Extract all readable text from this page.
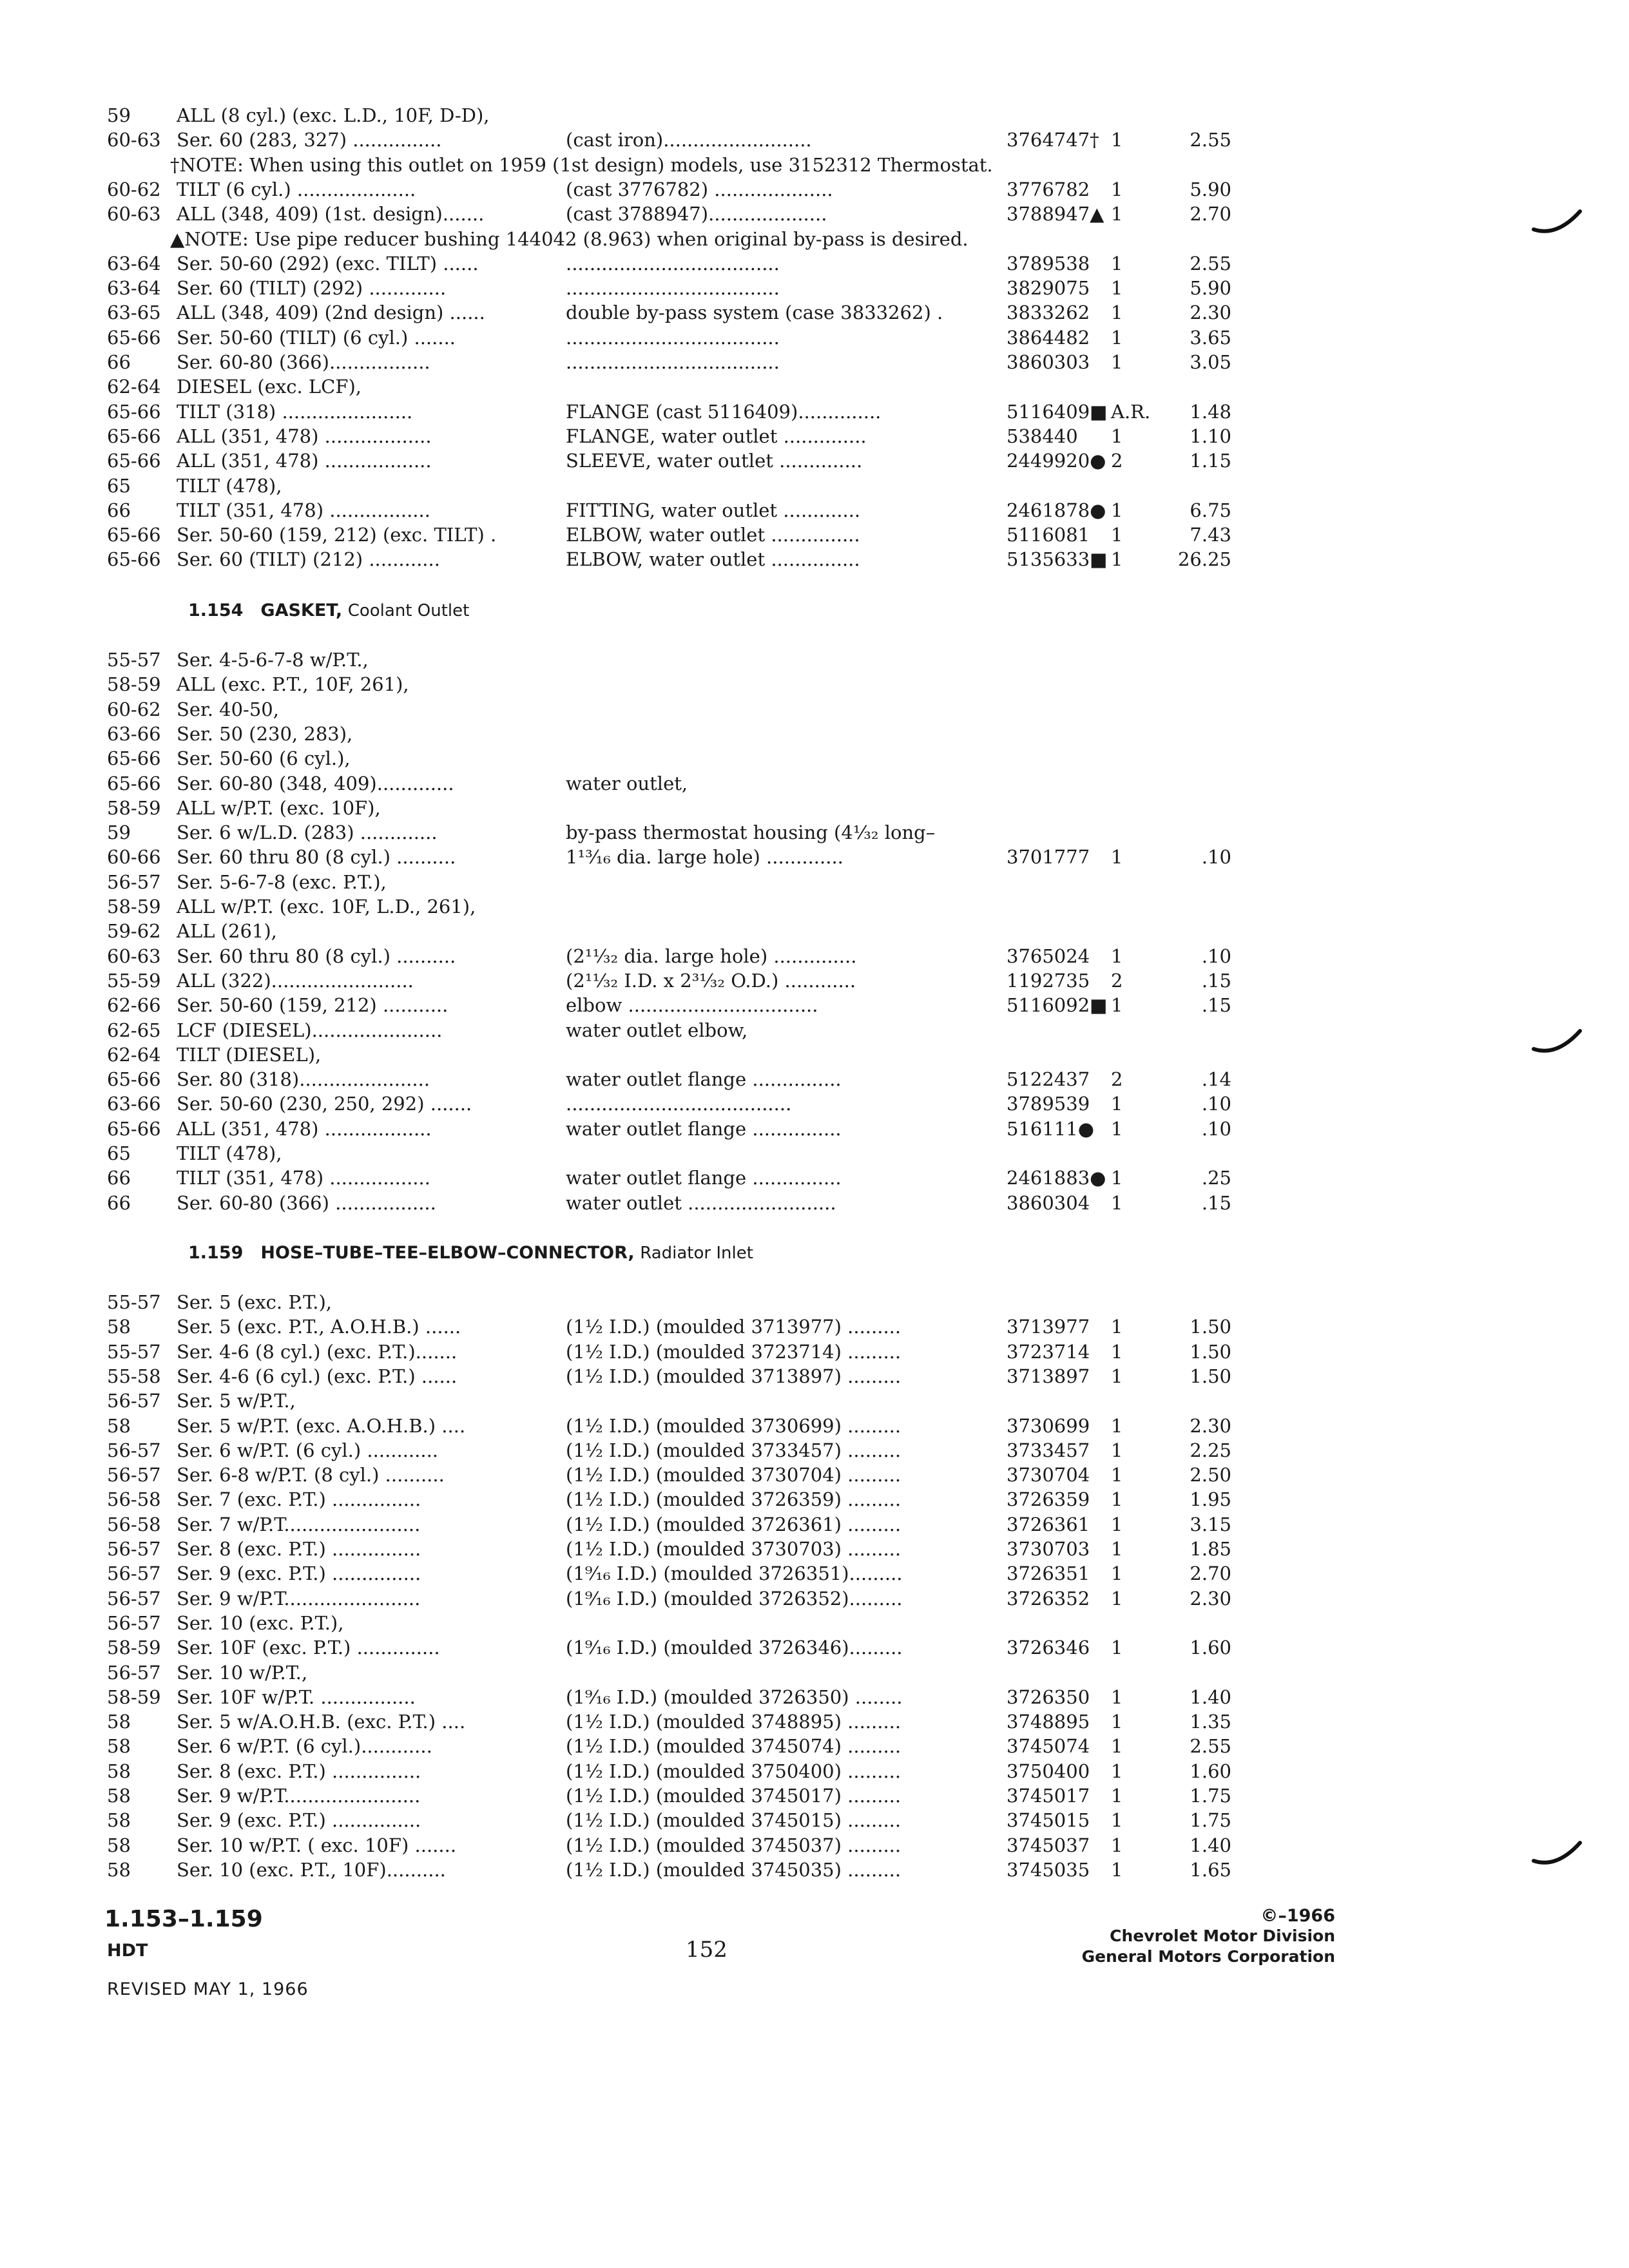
59 ALL (8 cyl.) (exc. L.D., 10F, D-D),
60-63 Ser. 60 (283, 327) ...............	(cast iron).........................	3764747† 1	2.55
†NOTE: When using this outlet on 1959 (1st design) models, use 3152312 Thermostat.
60-62 TILT (6 cyl.) ....................	(cast 3776782) ....................	3776782 1	5.90
60-63 ALL (348, 409) (1st. design).......	(cast 3788947)....................	3788947▲ 1	2.70
▲NOTE: Use pipe reducer bushing 144042 (8.963) when original by-pass is desired.
63-64 Ser. 50-60 (292) (exc. TILT) ......	....................................	3789538 1	2.55
63-64 Ser. 60 (TILT) (292) .............	....................................	3829075 1	5.90
63-65 ALL (348, 409) (2nd design) ......	double by-pass system (case 3833262) .	3833262 1	2.30
65-66 Ser. 50-60 (TILT) (6 cyl.) .......	....................................	3864482 1	3.65
66 Ser. 60-80 (366).................	....................................	3860303 1	3.05
62-64 DIESEL (exc. LCF),
65-66 TILT (318) ......................	FLANGE (cast 5116409)..............	5116409■ A.R. 1.48
65-66 ALL (351, 478) ..................	FLANGE, water outlet ..............	538440 1	1.10
65-66 ALL (351, 478) ..................	SLEEVE, water outlet ..............	2449920● 2	1.15
65 TILT (478),
66 TILT (351, 478) .................	FITTING, water outlet .............	2461878● 1	6.75
65-66 Ser. 50-60 (159, 212) (exc. TILT) .	ELBOW, water outlet ...............	5116081 1	7.43
65-66 Ser. 60 (TILT) (212) ............	ELBOW, water outlet ...............	5135633■ 1	26.25
55-57 Ser. 4-5-6-7-8 w/P.T.,
58-59 ALL (exc. P.T., 10F, 261),
60-62 Ser. 40-50,
63-66 Ser. 50 (230, 283),
65-66 Ser. 50-60 (6 cyl.),
65-66 Ser. 60-80 (348, 409).............	water outlet,
58-59 ALL w/P.T. (exc. 10F),
59 Ser. 6 w/L.D. (283) .............	by-pass thermostat housing (4¹⁄₃₂ long–
60-66 Ser. 60 thru 80 (8 cyl.) ..........	1¹³⁄₁₆ dia. large hole) .............	3701777 1	.10
56-57 Ser. 5-6-7-8 (exc. P.T.),
58-59 ALL w/P.T. (exc. 10F, L.D., 261),
59-62 ALL (261),
60-63 Ser. 60 thru 80 (8 cyl.) ..........	(2¹¹⁄₃₂ dia. large hole) ..............	3765024 1	.10
55-59 ALL (322)........................	(2¹¹⁄₃₂ I.D. x 2³¹⁄₃₂ O.D.) ............	1192735 2	.15
62-66 Ser. 50-60 (159, 212) ...........	elbow ................................	5116092■ 1	.15
62-65 LCF (DIESEL)......................	water outlet elbow,
62-64 TILT (DIESEL),
65-66 Ser. 80 (318)......................	water outlet flange ...............	5122437 2	.14
63-66 Ser. 50-60 (230, 250, 292) .......	......................................	3789539 1	.10
65-66 ALL (351, 478) ..................	water outlet flange ...............	516111● 1	.10
65 TILT (478),
66 TILT (351, 478) .................	water outlet flange ...............	2461883● 1	.25
66 Ser. 60-80 (366) .................	water outlet .........................	3860304 1	.15
55-57 Ser. 5 (exc. P.T.),
58 Ser. 5 (exc. P.T., A.O.H.B.) ......	(1½ I.D.) (moulded 3713977) .........	3713977 1	1.50
55-57 Ser. 4-6 (8 cyl.) (exc. P.T.).......	(1½ I.D.) (moulded 3723714) .........	3723714 1	1.50
55-58 Ser. 4-6 (6 cyl.) (exc. P.T.) ......	(1½ I.D.) (moulded 3713897) .........	3713897 1	1.50
56-57 Ser. 5 w/P.T.,
58 Ser. 5 w/P.T. (exc. A.O.H.B.) ....	(1½ I.D.) (moulded 3730699) .........	3730699 1	2.30
56-57 Ser. 6 w/P.T. (6 cyl.) ............	(1½ I.D.) (moulded 3733457) .........	3733457 1	2.25
56-57 Ser. 6-8 w/P.T. (8 cyl.) ..........	(1½ I.D.) (moulded 3730704) .........	3730704 1	2.50
56-58 Ser. 7 (exc. P.T.) ...............	(1½ I.D.) (moulded 3726359) .........	3726359 1	1.95
56-58 Ser. 7 w/P.T.......................	(1½ I.D.) (moulded 3726361) .........	3726361 1	3.15
56-57 Ser. 8 (exc. P.T.) ...............	(1½ I.D.) (moulded 3730703) .........	3730703 1	1.85
56-57 Ser. 9 (exc. P.T.) ...............	(1⁹⁄₁₆ I.D.) (moulded 3726351).........	3726351 1	2.70
56-57 Ser. 9 w/P.T.......................	(1⁹⁄₁₆ I.D.) (moulded 3726352).........	3726352 1	2.30
56-57 Ser. 10 (exc. P.T.),
58-59 Ser. 10F (exc. P.T.) ..............	(1⁹⁄₁₆ I.D.) (moulded 3726346).........	3726346 1	1.60
56-57 Ser. 10 w/P.T.,
58-59 Ser. 10F w/P.T. ................	(1⁹⁄₁₆ I.D.) (moulded 3726350) ........	3726350 1	1.40
58 Ser. 5 w/A.O.H.B. (exc. P.T.) ....	(1½ I.D.) (moulded 3748895) .........	3748895 1	1.35
58 Ser. 6 w/P.T. (6 cyl.)............	(1½ I.D.) (moulded 3745074) .........	3745074 1	2.55
58 Ser. 8 (exc. P.T.) ...............	(1½ I.D.) (moulded 3750400) .........	3750400 1	1.60
58 Ser. 9 w/P.T.......................	(1½ I.D.) (moulded 3745017) .........	3745017 1	1.75
58 Ser. 9 (exc. P.T.) ...............	(1½ I.D.) (moulded 3745015) .........	3745015 1	1.75
58 Ser. 10 w/P.T. ( exc. 10F) .......	(1½ I.D.) (moulded 3745037) .........	3745037 1	1.40
58 Ser. 10 (exc. P.T., 10F)..........	(1½ I.D.) (moulded 3745035) .........	3745035 1	1.65
1.154  GASKET, Coolant Outlet
1.159  HOSE–TUBE–TEE–ELBOW–CONNECTOR, Radiator Inlet
1.153–1.159
HDT
REVISED MAY 1, 1966
152
©–1966
Chevrolet Motor Division
General Motors Corporation
